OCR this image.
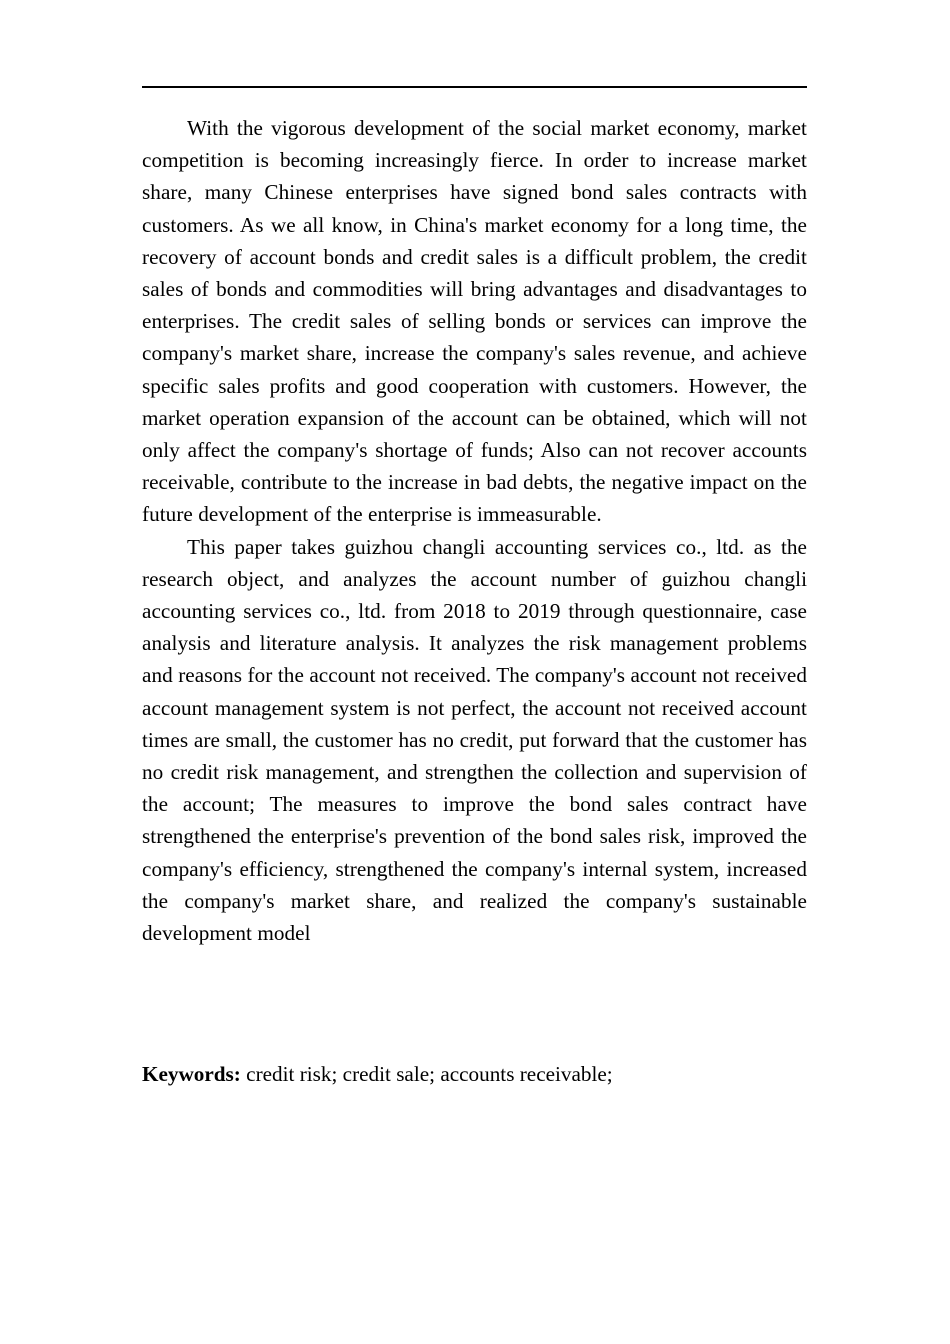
With the vigorous development of the social market economy, market competition is becoming increasingly fierce. In order to increase market share, many Chinese enterprises have signed bond sales contracts with customers. As we all know, in China's market economy for a long time, the recovery of account bonds and credit sales is a difficult problem, the credit sales of bonds and commodities will bring advantages and disadvantages to enterprises. The credit sales of selling bonds or services can improve the company's market share, increase the company's sales revenue, and achieve specific sales profits and good cooperation with customers. However, the market operation expansion of the account can be obtained, which will not only affect the company's shortage of funds; Also can not recover accounts receivable, contribute to the increase in bad debts, the negative impact on the future development of the enterprise is immeasurable.

This paper takes guizhou changli accounting services co., ltd. as the research object, and analyzes the account number of guizhou changli accounting services co., ltd. from 2018 to 2019 through questionnaire, case analysis and literature analysis. It analyzes the risk management problems and reasons for the account not received. The company's account not received account management system is not perfect, the account not received account times are small, the customer has no credit, put forward that the customer has no credit risk management, and strengthen the collection and supervision of the account; The measures to improve the bond sales contract have strengthened the enterprise's prevention of the bond sales risk, improved the company's efficiency, strengthened the company's internal system, increased the company's market share, and realized the company's sustainable development model

Keywords: credit risk; credit sale; accounts receivable;
